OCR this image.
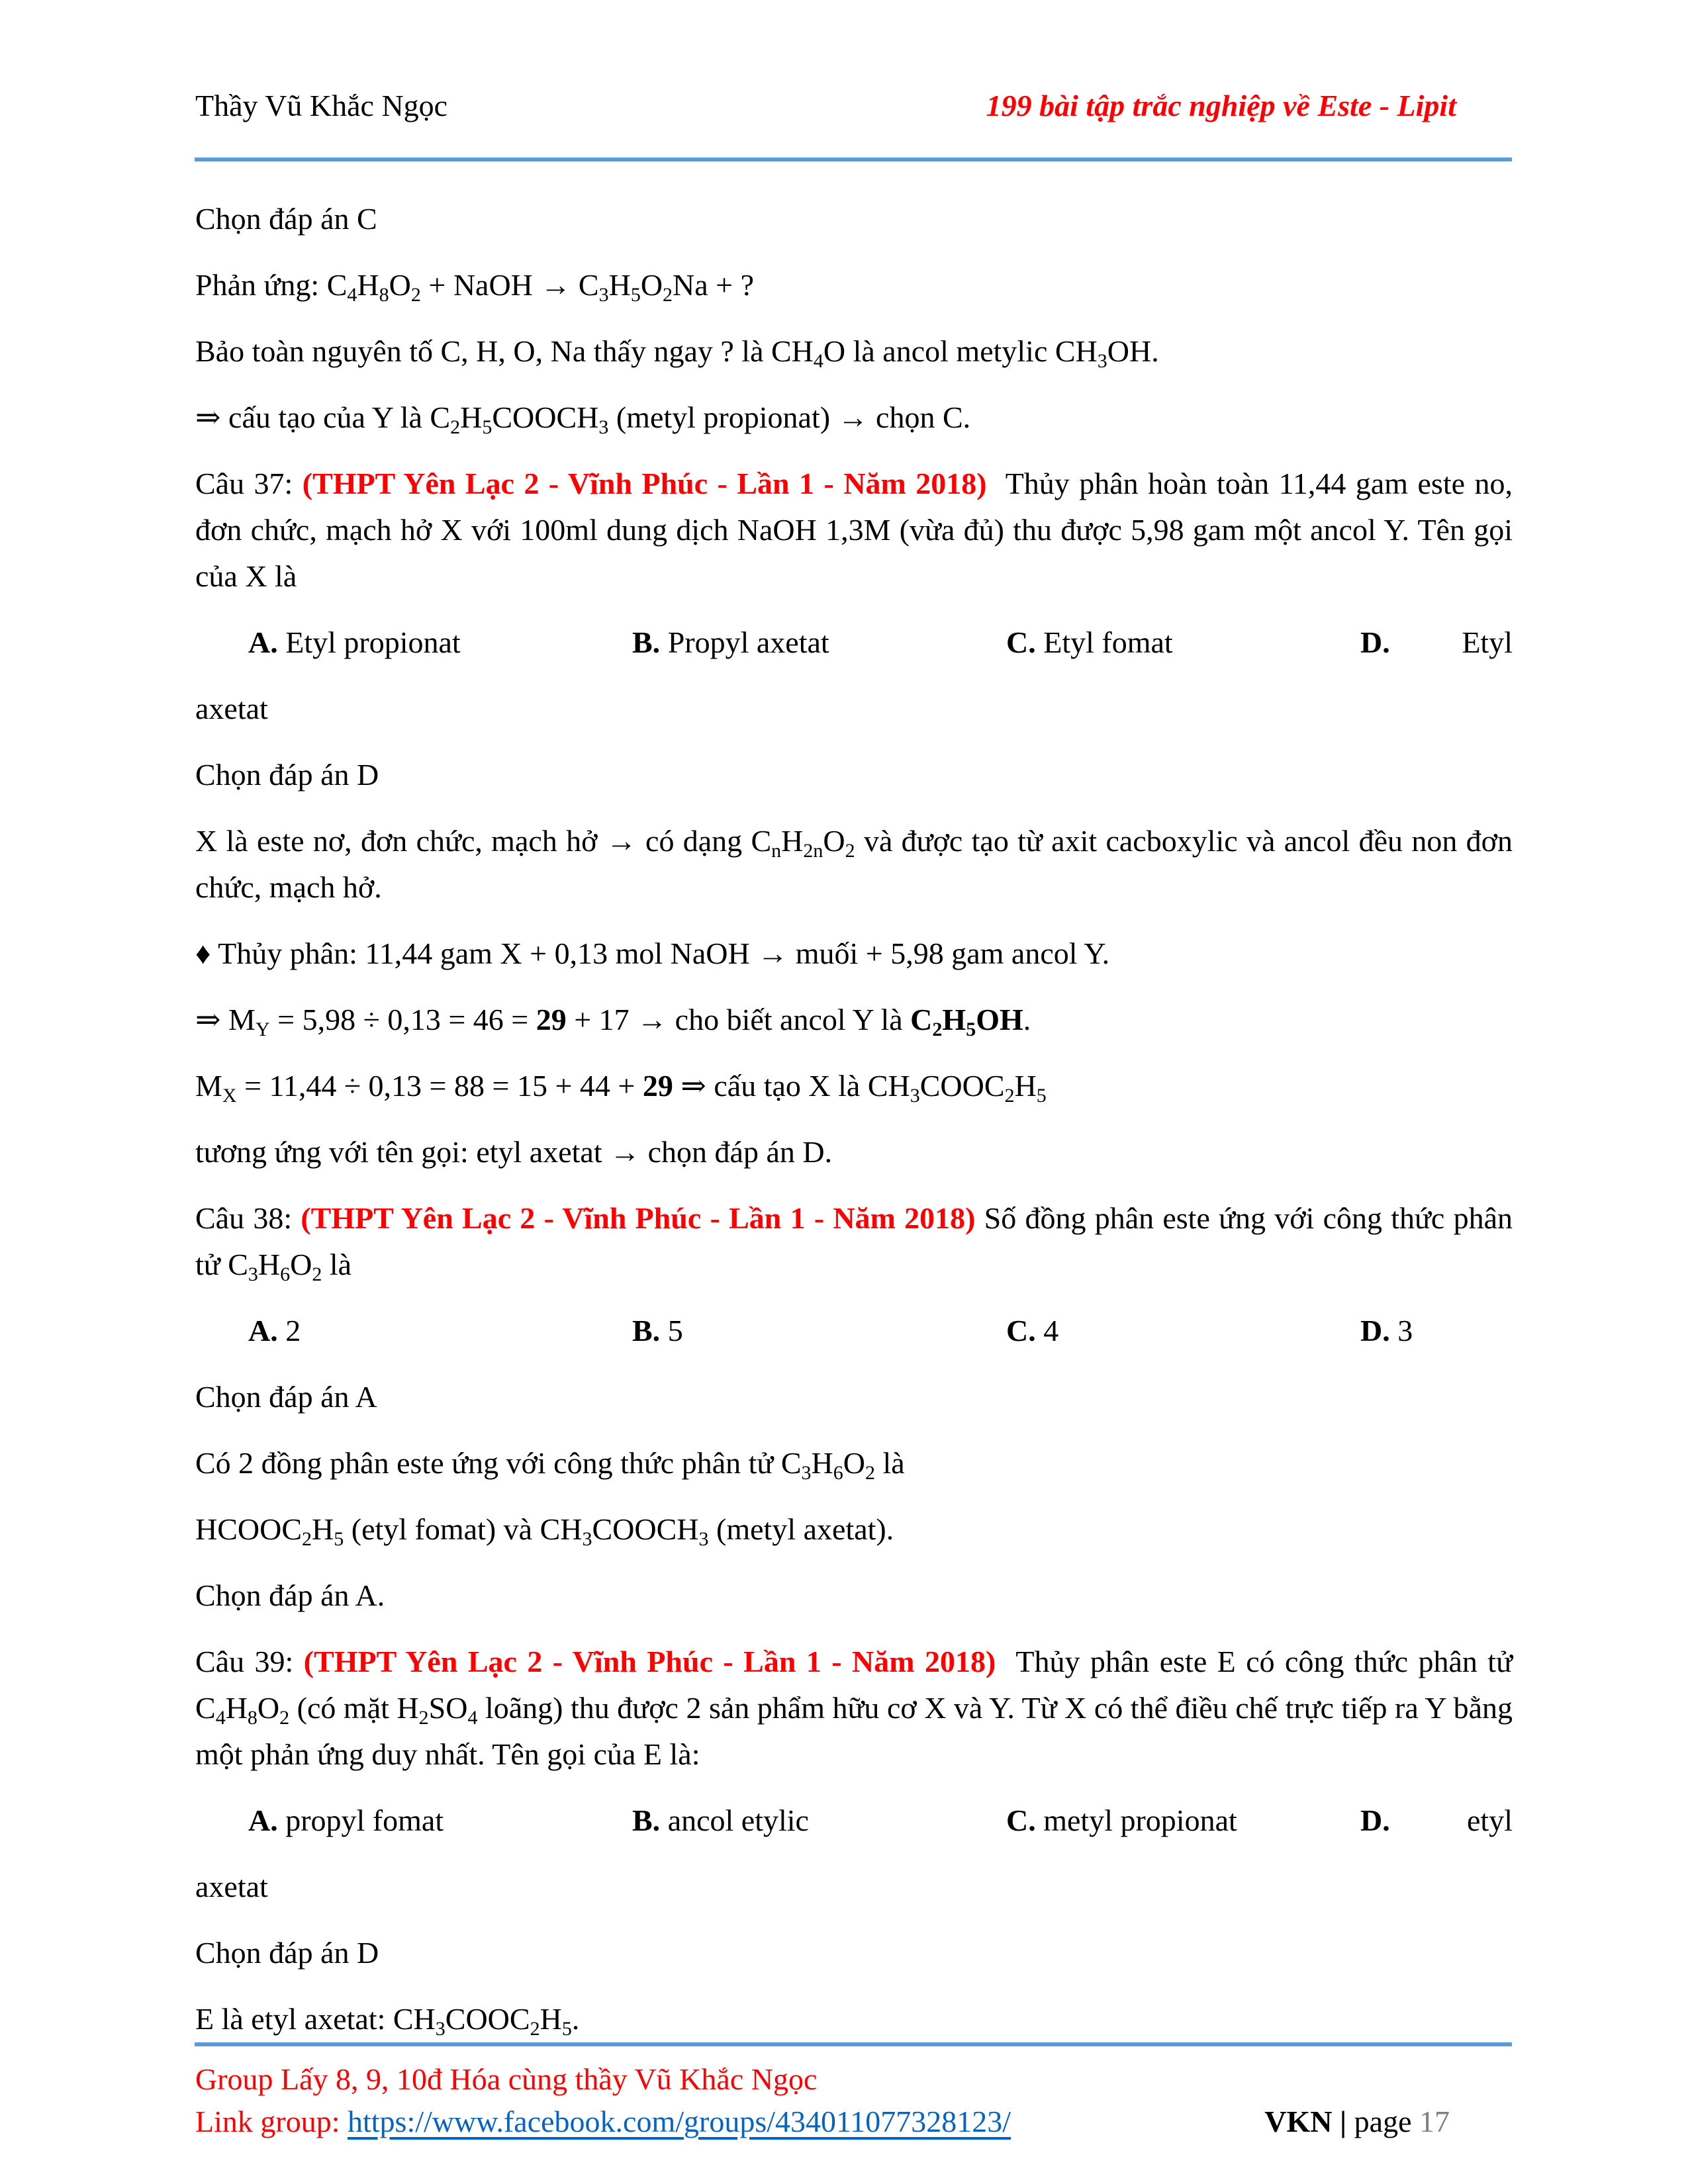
Thầy Vũ Khắc Ngọc	199 bài tập trắc nghiệp về Este - Lipit

Chọn đáp án C

Phản ứng: $C_4H_8O_2$ + NaOH → $C_3H_5O_2Na$ + ?

Bảo toàn nguyên tố C, H, O, Na thấy ngay ? là $CH_4O$ là ancol metylic $CH_3OH$.

⇒ cấu tạo của Y là $C_2H_5COOCH_3$ (metyl propionat) → chọn C.

Câu 37: (THPT Yên Lạc 2 - Vĩnh Phúc - Lần 1 - Năm 2018)  Thủy phân hoàn toàn 11,44 gam este no, đơn chức, mạch hở X với 100ml dung dịch NaOH 1,3M (vừa đủ) thu được 5,98 gam một ancol Y. Tên gọi của X là

A. Etyl propionat	B. Propyl axetat	C. Etyl fomat	D. Etyl

axetat

Chọn đáp án D

X là este nơ, đơn chức, mạch hở → có dạng $C_nH_{2n}O_2$ và được tạo từ axit cacboxylic và ancol đều non đơn chức, mạch hở.

♦ Thủy phân: 11,44 gam X + 0,13 mol NaOH → muối + 5,98 gam ancol Y.

⇒ $M_Y = 5,98 \div 0,13 = 46 = 29 + 17$ → cho biết ancol Y là $C_2H_5OH$.

$M_X = 11,44 \div 0,13 = 88 = 15 + 44 + 29$ ⇒ cấu tạo X là $CH_3COOC_2H_5$

tương ứng với tên gọi: etyl axetat → chọn đáp án D.

Câu 38: (THPT Yên Lạc 2 - Vĩnh Phúc - Lần 1 - Năm 2018) Số đồng phân este ứng với công thức phân tử $C_3H_6O_2$ là

A. 2	B. 5	C. 4	D. 3

Chọn đáp án A

Có 2 đồng phân este ứng với công thức phân tử $C_3H_6O_2$ là

$HCOOC_2H_5$ (etyl fomat) và $CH_3COOCH_3$ (metyl axetat).

Chọn đáp án A.

Câu 39: (THPT Yên Lạc 2 - Vĩnh Phúc - Lần 1 - Năm 2018)  Thủy phân este E có công thức phân tử $C_4H_8O_2$ (có mặt $H_2SO_4$ loãng) thu được 2 sản phẩm hữu cơ X và Y. Từ X có thể điều chế trực tiếp ra Y bằng một phản ứng duy nhất. Tên gọi của E là:

A. propyl fomat	B. ancol etylic	C. metyl propionat	D.	etyl

axetat

Chọn đáp án D

E là etyl axetat: $CH_3COOC_2H_5$.

Group Lấy 8, 9, 10đ Hóa cùng thầy Vũ Khắc Ngọc
Link group: https://www.facebook.com/groups/434011077328123/	VKN | page 17
